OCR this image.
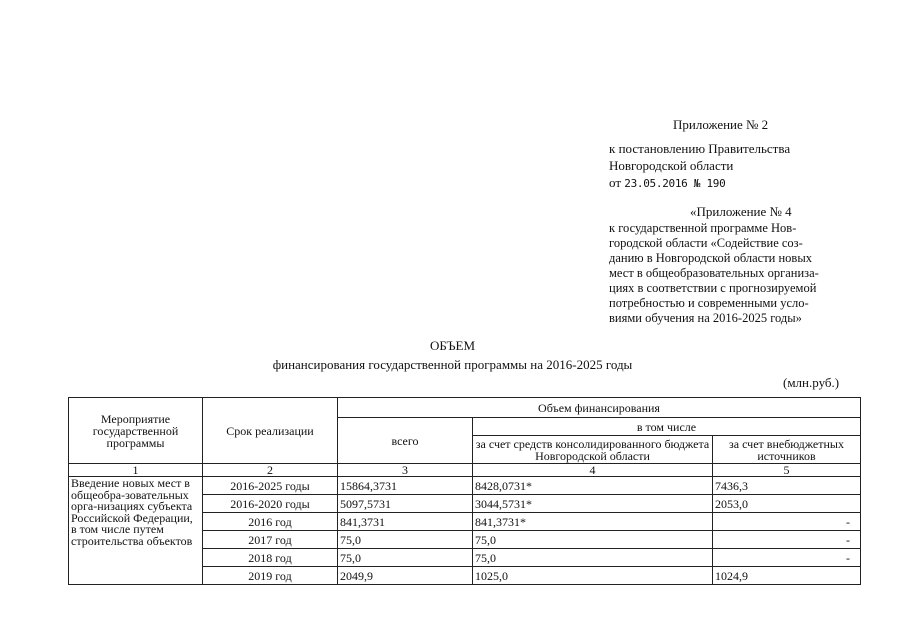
Приложение № 2
к постановлению Правительства
Новгородской области
от 23.05.2016 № 190
«Приложение № 4
к государственной программе Нов-
городской области «Содействие соз-
данию в Новгородской области новых
мест в общеобразовательных организа-
циях в соответствии с прогнозируемой
потребностью и современными усло-
виями обучения на 2016-2025 годы»
ОБЪЕМ
финансирования государственной программы на 2016-2025 годы
(млн.руб.)
Мероприятие государственной программы	Срок реализации	Объем финансирования		
		всего	в том числе	
			за счет средств консолидированного бюджета Новгородской области	за счет внебюджетных источников
1	2	3	4	5
Введение новых мест в общеобра-зовательных орга-низациях субъекта Российской Федерации, в том числе путем строительства объектов	2016-2025 годы	15864,3731	8428,0731*	7436,3
	2016-2020 годы	5097,5731	3044,5731*	2053,0
	2016 год	841,3731	841,3731*	-
	2017 год	75,0	75,0	-
	2018 год	75,0	75,0	-
	2019 год	2049,9	1025,0	1024,9
